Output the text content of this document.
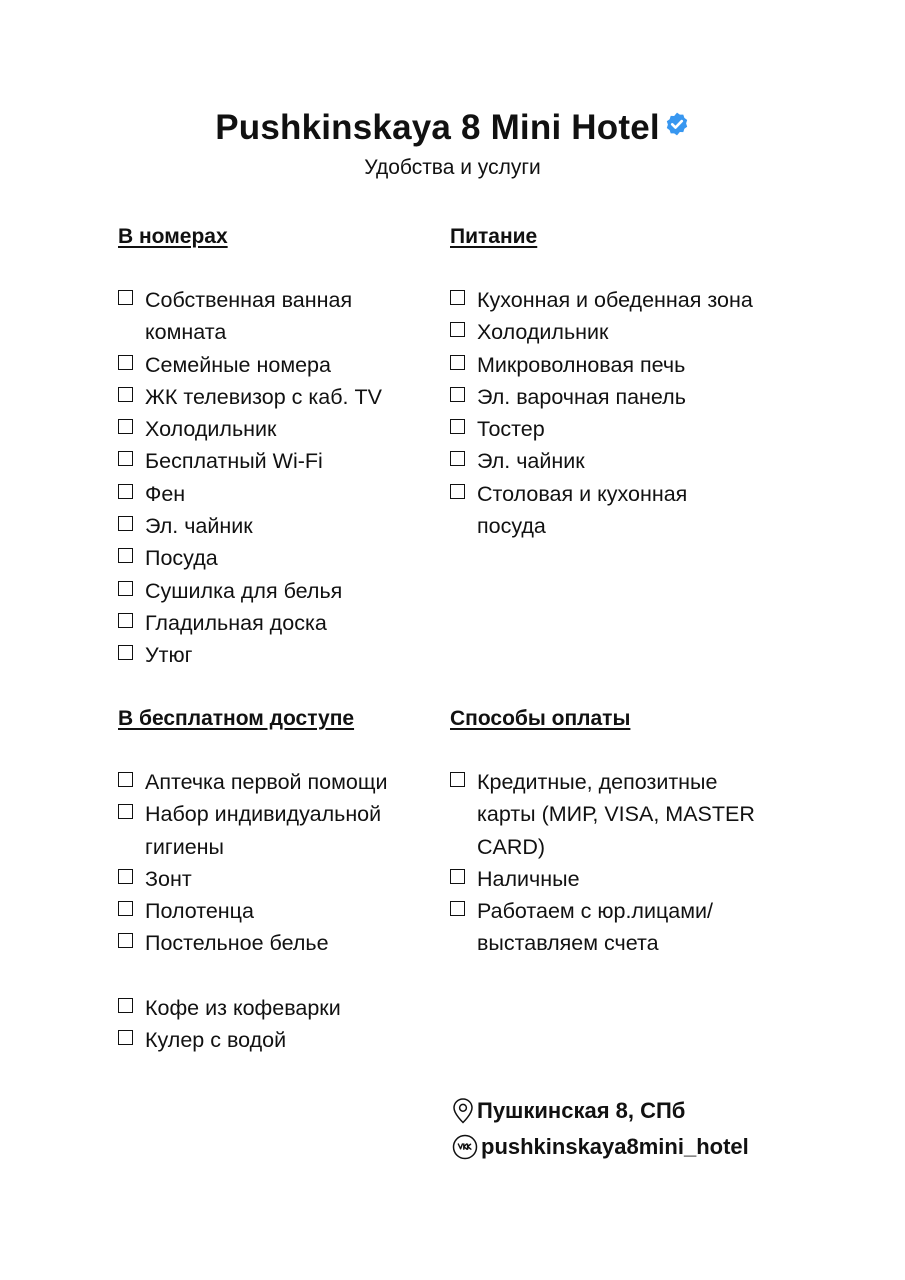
Pushkinskaya 8 Mini Hotel
Удобства и услуги
В номерах
Собственная ванная комната
Семейные номера
ЖК телевизор с каб. TV
Холодильник
Бесплатный Wi-Fi
Фен
Эл. чайник
Посуда
Сушилка для белья
Гладильная доска
Утюг
Питание
Кухонная и обеденная зона
Холодильник
Микроволновая печь
Эл. варочная панель
Тостер
Эл. чайник
Столовая и кухонная посуда
В бесплатном доступе
Аптечка первой помощи
Набор индивидуальной гигиены
Зонт
Полотенца
Постельное белье
Кофе из кофеварки
Кулер с водой
Способы оплаты
Кредитные, депозитные карты (МИР, VISA, MASTER CARD)
Наличные
Работаем с юр.лицами/ выставляем счета
Пушкинская 8, СПб
pushkinskaya8mini_hotel
